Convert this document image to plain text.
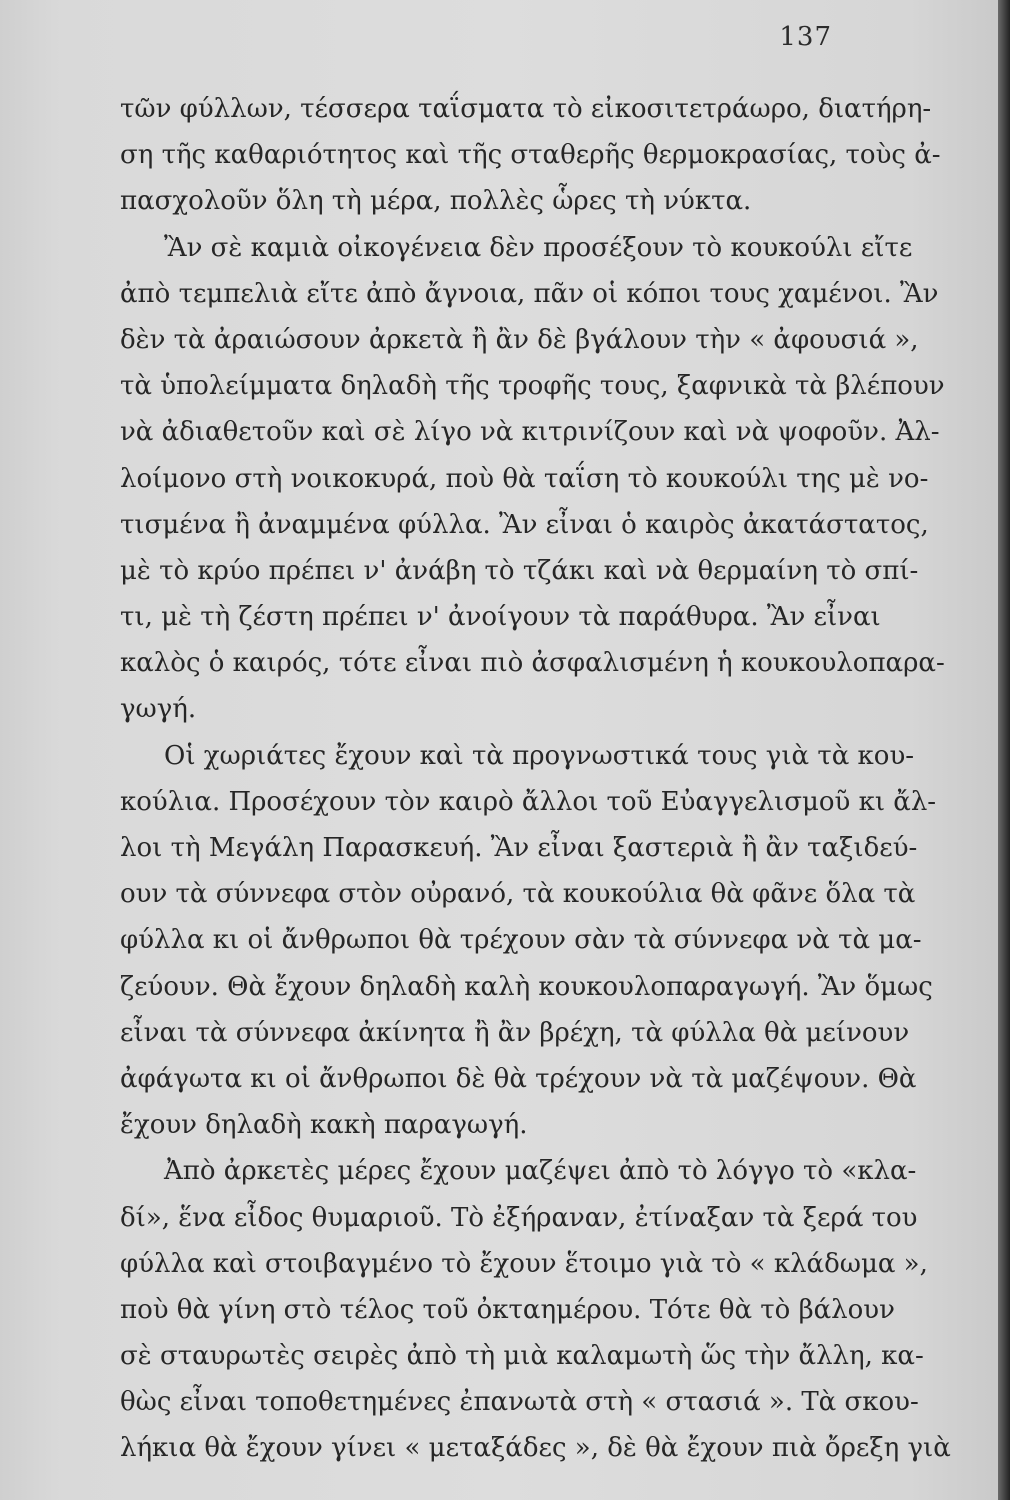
137
τῶν φύλλων, τέσσερα ταΐσματα τὸ εἰκοσιτετράωρο, διατήρη-
ση τῆς καθαριότητος καὶ τῆς σταθερῆς θερμοκρασίας, τοὺς ἀ-
πασχολοῦν ὅλη τὴ μέρα, πολλὲς ὧρες τὴ νύκτα.
Ἂν σὲ καμιὰ οἰκογένεια δὲν προσέξουν τὸ κουκούλι εἴτε
ἀπὸ τεμπελιὰ εἴτε ἀπὸ ἄγνοια, πᾶν οἱ κόποι τους χαμένοι. Ἂν
δὲν τὰ ἀραιώσουν ἀρκετὰ ἢ ἂν δὲ βγάλουν τὴν « ἀφουσιά »,
τὰ ὑπολείμματα δηλαδὴ τῆς τροφῆς τους, ξαφνικὰ τὰ βλέπουν
νὰ ἀδιαθετοῦν καὶ σὲ λίγο νὰ κιτρινίζουν καὶ νὰ ψοφοῦν. Ἀλ-
λοίμονο στὴ νοικοκυρά, ποὺ θὰ ταΐση τὸ κουκούλι της μὲ νο-
τισμένα ἢ ἀναμμένα φύλλα. Ἂν εἶναι ὁ καιρὸς ἀκατάστατος,
μὲ τὸ κρύο πρέπει ν' ἀνάβη τὸ τζάκι καὶ νὰ θερμαίνη τὸ σπί-
τι, μὲ τὴ ζέστη πρέπει ν' ἀνοίγουν τὰ παράθυρα. Ἂν εἶναι
καλὸς ὁ καιρός, τότε εἶναι πιὸ ἀσφαλισμένη ἡ κουκουλοπαρα-
γωγή.
Οἱ χωριάτες ἔχουν καὶ τὰ προγνωστικά τους γιὰ τὰ κου-
κούλια. Προσέχουν τὸν καιρὸ ἄλλοι τοῦ Εὐαγγελισμοῦ κι ἄλ-
λοι τὴ Μεγάλη Παρασκευή. Ἂν εἶναι ξαστεριὰ ἢ ἂν ταξιδεύ-
ουν τὰ σύννεφα στὸν οὐρανό, τὰ κουκούλια θὰ φᾶνε ὅλα τὰ
φύλλα κι οἱ ἄνθρωποι θὰ τρέχουν σὰν τὰ σύννεφα νὰ τὰ μα-
ζεύουν. Θὰ ἔχουν δηλαδὴ καλὴ κουκουλοπαραγωγή. Ἂν ὅμως
εἶναι τὰ σύννεφα ἀκίνητα ἢ ἂν βρέχη, τὰ φύλλα θὰ μείνουν
ἀφάγωτα κι οἱ ἄνθρωποι δὲ θὰ τρέχουν νὰ τὰ μαζέψουν. Θὰ
ἔχουν δηλαδὴ κακὴ παραγωγή.
Ἀπὸ ἀρκετὲς μέρες ἔχουν μαζέψει ἀπὸ τὸ λόγγο τὸ «κλα-
δί», ἕνα εἶδος θυμαριοῦ. Τὸ ἐξήραναν, ἐτίναξαν τὰ ξερά του
φύλλα καὶ στοιβαγμένο τὸ ἔχουν ἕτοιμο γιὰ τὸ « κλάδωμα »,
ποὺ θὰ γίνη στὸ τέλος τοῦ ὀκταημέρου. Τότε θὰ τὸ βάλουν
σὲ σταυρωτὲς σειρὲς ἀπὸ τὴ μιὰ καλαμωτὴ ὥς τὴν ἄλλη, κα-
θὼς εἶναι τοποθετημένες ἐπανωτὰ στὴ « στασιά ». Τὰ σκου-
λήκια θὰ ἔχουν γίνει « μεταξάδες », δὲ θὰ ἔχουν πιὰ ὄρεξη γιὰ
